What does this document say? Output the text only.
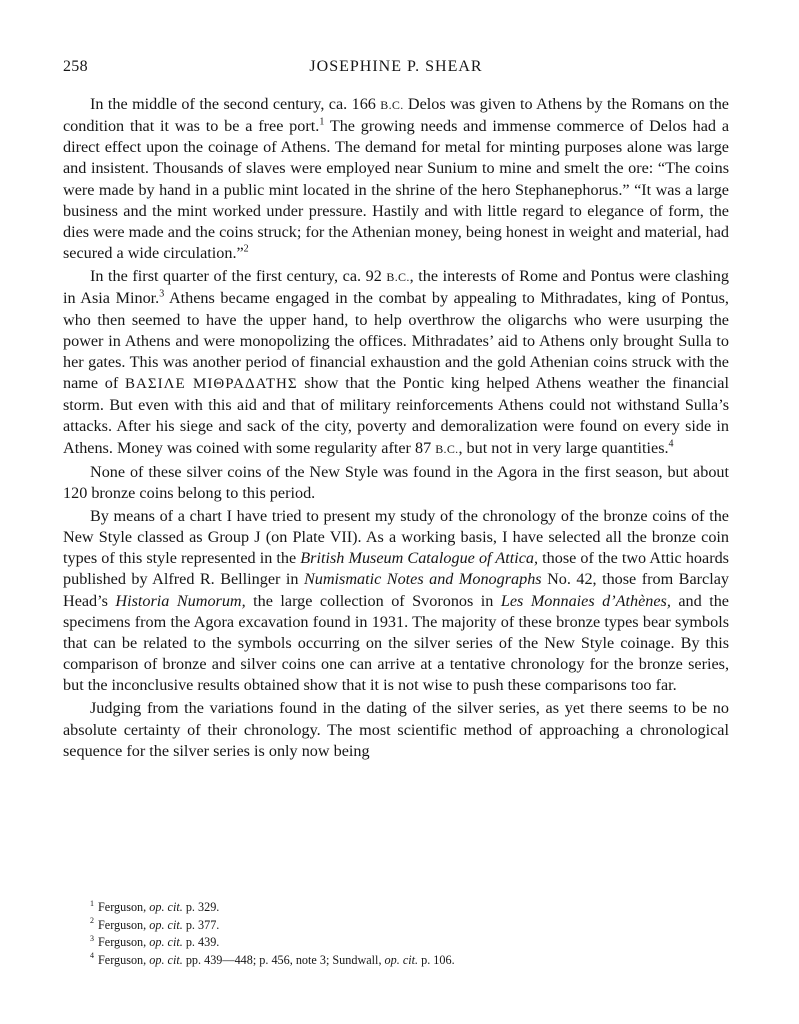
258	JOSEPHINE P. SHEAR

In the middle of the second century, ca. 166 B.C. Delos was given to Athens by the Romans on the condition that it was to be a free port.$^1$ The growing needs and immense commerce of Delos had a direct effect upon the coinage of Athens. The demand for metal for minting purposes alone was large and insistent. Thousands of slaves were employed near Sunium to mine and smelt the ore: “The coins were made by hand in a public mint located in the shrine of the hero Stephanephorus.” “It was a large business and the mint worked under pressure. Hastily and with little regard to elegance of form, the dies were made and the coins struck; for the Athenian money, being honest in weight and material, had secured a wide circulation.”$^2$

In the first quarter of the first century, ca. 92 B.C., the interests of Rome and Pontus were clashing in Asia Minor.$^3$ Athens became engaged in the combat by appealing to Mithradates, king of Pontus, who then seemed to have the upper hand, to help overthrow the oligarchs who were usurping the power in Athens and were monopolizing the offices. Mithradates’ aid to Athens only brought Sulla to her gates. This was another period of financial exhaustion and the gold Athenian coins struck with the name of ΒΑΣΙΛΕ ΜΙΘΡΑΔΑΤΗΣ show that the Pontic king helped Athens weather the financial storm. But even with this aid and that of military reinforcements Athens could not withstand Sulla’s attacks. After his siege and sack of the city, poverty and demoralization were found on every side in Athens. Money was coined with some regularity after 87 B.C., but not in very large quantities.$^4$

None of these silver coins of the New Style was found in the Agora in the first season, but about 120 bronze coins belong to this period.

By means of a chart I have tried to present my study of the chronology of the bronze coins of the New Style classed as Group J (on Plate VII). As a working basis, I have selected all the bronze coin types of this style represented in the British Museum Catalogue of Attica, those of the two Attic hoards published by Alfred R. Bellinger in Numismatic Notes and Monographs No. 42, those from Barclay Head’s Historia Numorum, the large collection of Svoronos in Les Monnaies d’Athènes, and the specimens from the Agora excavation found in 1931. The majority of these bronze types bear symbols that can be related to the symbols occurring on the silver series of the New Style coinage. By this comparison of bronze and silver coins one can arrive at a tentative chronology for the bronze series, but the inconclusive results obtained show that it is not wise to push these comparisons too far.

Judging from the variations found in the dating of the silver series, as yet there seems to be no absolute certainty of their chronology. The most scientific method of approaching a chronological sequence for the silver series is only now being

$^1$ Ferguson, op. cit. p. 329.
$^2$ Ferguson, op. cit. p. 377.
$^3$ Ferguson, op. cit. p. 439.
$^4$ Ferguson, op. cit. pp. 439—448; p. 456, note 3; Sundwall, op. cit. p. 106.
